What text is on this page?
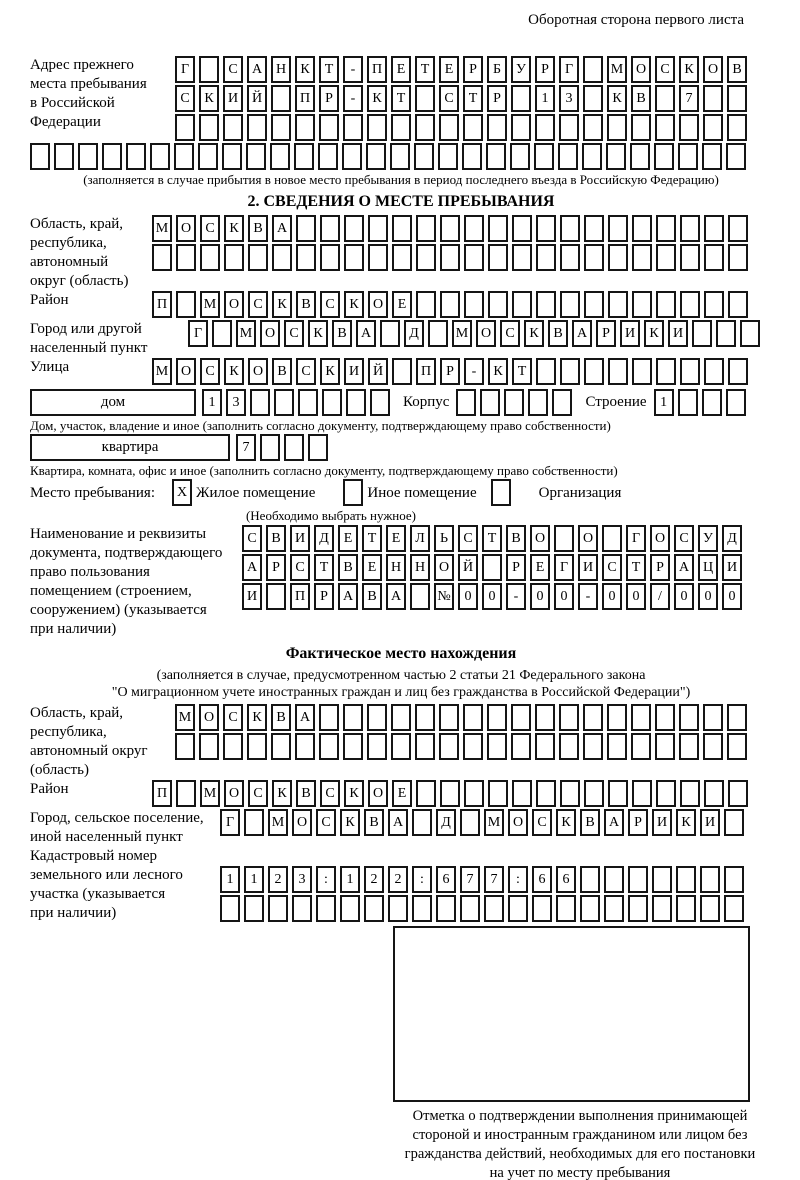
Оборотная сторона первого листа
Адрес прежнего
места пребывания
в Российской
Федерации
Г	С А Н К Т - П Е Т Е Р Б У Р Г	М О С К О В
С К И Й	П Р - К Т	С Т Р	1 3	К В	7
(заполняется в случае прибытия в новое место пребывания в период последнего въезда в Российскую Федерацию)
2. СВЕДЕНИЯ О МЕСТЕ ПРЕБЫВАНИЯ
Область, край,
республика,
автономный
округ (область)
М О С К В А
Район	П	М О С К В С К О Е
Город или другой
населенный пункт
Г	М О С К В А	Д	М О С К В А Р И К И
Улица	М О С К О В С К И Й	П Р - К Т
дом	1 3	Корпус	Строение 1
Дом, участок, владение и иное (заполнить согласно документу, подтверждающему право собственности)
квартира	7
Квартира, комната, офис и иное (заполнить согласно документу, подтверждающему право собственности)
Место пребывания:	X Жилое помещение	Иное помещение	Организация
(Необходимо выбрать нужное)
Наименование и реквизиты
документа, подтверждающего
право пользования
помещением (строением,
сооружением) (указывается
при наличии)
С В И Д Е Т Е Л Ь С Т В О	О	Г О С У Д
А Р С Т В Е Н Н О Й	Р Е Г И С Т Р А Ц И
И	П Р А В А	№ 0 0 - 0 0 - 0 0 / 0 0 0
Фактическое место нахождения
(заполняется в случае, предусмотренном частью 2 статьи 21 Федерального закона
"О миграционном учете иностранных граждан и лиц без гражданства в Российской Федерации")
Область, край,
республика,
автономный округ
(область)
М О С К В А
Район	П	М О С К В С К О Е
Город, сельское поселение,
иной населенный пункт
Г	М О С К В А	Д	М О С К В А Р И К И
Кадастровый номер
земельного или лесного
участка (указывается
при наличии)
1 1 2 3 : 1 2 2 : 6 7 7 : 6 6
Отметка о подтверждении выполнения принимающей
стороной и иностранным гражданином или лицом без
гражданства действий, необходимых для его постановки
на учет по месту пребывания
